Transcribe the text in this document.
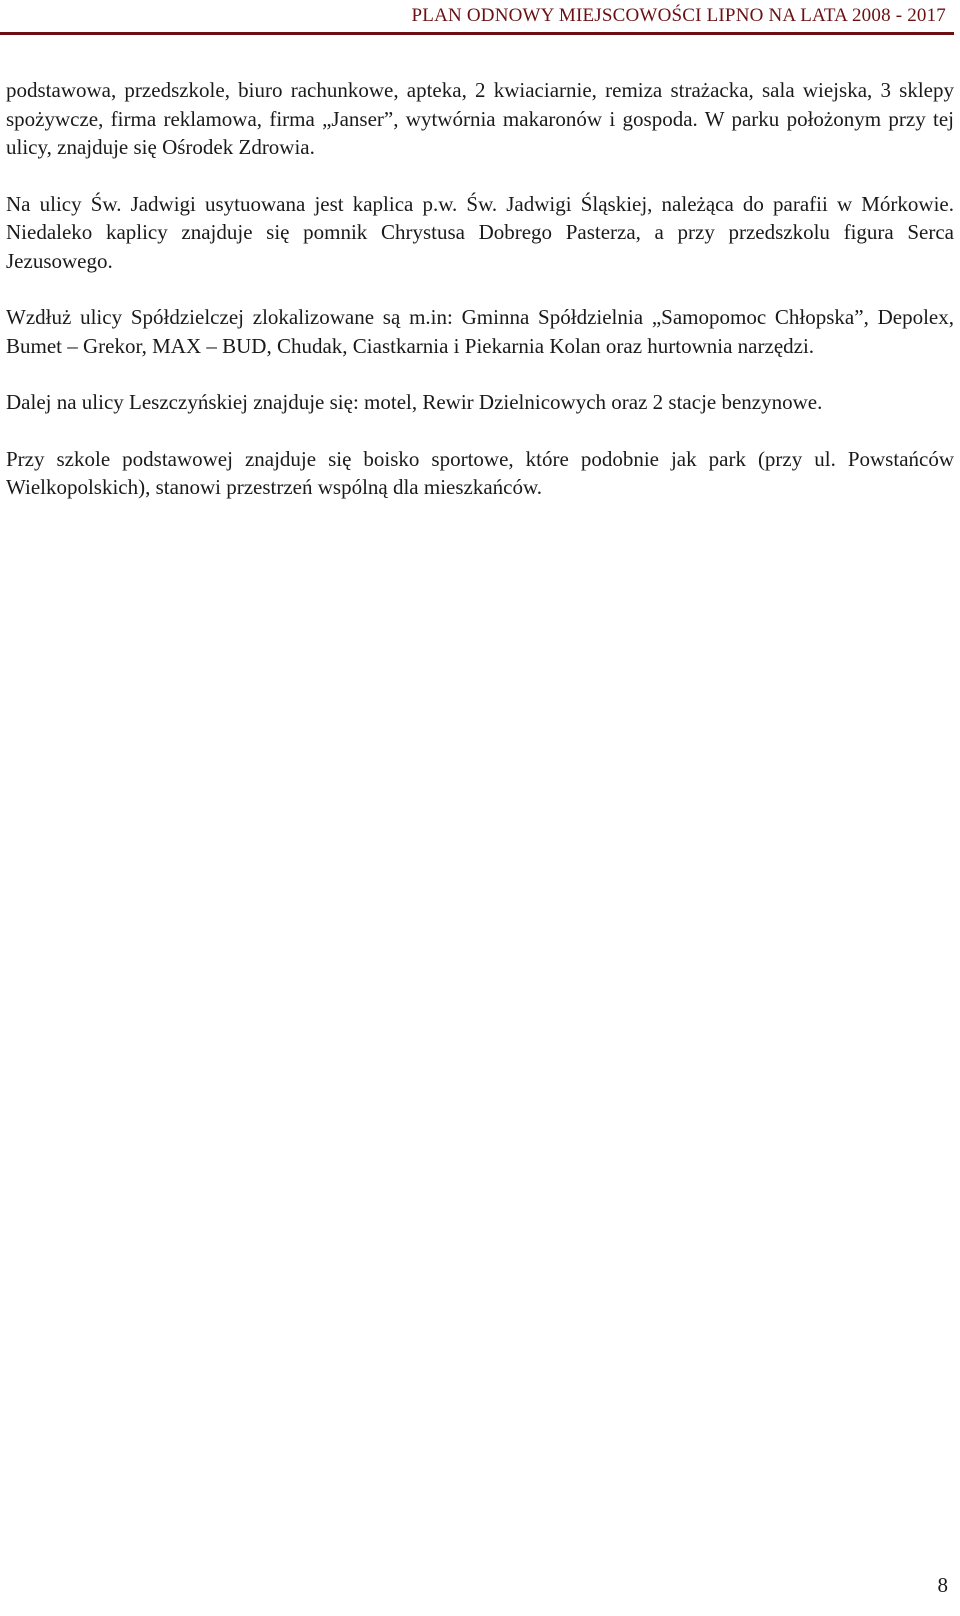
PLAN ODNOWY MIEJSCOWOŚCI LIPNO NA LATA 2008 - 2017

podstawowa, przedszkole, biuro rachunkowe, apteka, 2 kwiaciarnie, remiza strażacka, sala wiejska, 3 sklepy spożywcze, firma reklamowa, firma „Janser”, wytwórnia makaronów i gospoda. W parku położonym przy tej ulicy, znajduje się Ośrodek Zdrowia.

Na ulicy Św. Jadwigi usytuowana jest kaplica p.w. Św. Jadwigi Śląskiej, należąca do parafii w Mórkowie. Niedaleko kaplicy znajduje się pomnik Chrystusa Dobrego Pasterza, a przy przedszkolu figura Serca Jezusowego.

Wzdłuż ulicy Spółdzielczej zlokalizowane są m.in: Gminna Spółdzielnia „Samopomoc Chłopska”, Depolex, Bumet – Grekor, MAX – BUD, Chudak, Ciastkarnia i Piekarnia Kolan oraz hurtownia narzędzi.

Dalej na ulicy Leszczyńskiej znajduje się: motel, Rewir Dzielnicowych oraz 2 stacje benzynowe.

Przy szkole podstawowej znajduje się boisko sportowe, które podobnie jak park (przy ul. Powstańców Wielkopolskich), stanowi przestrzeń wspólną dla mieszkańców.

8
